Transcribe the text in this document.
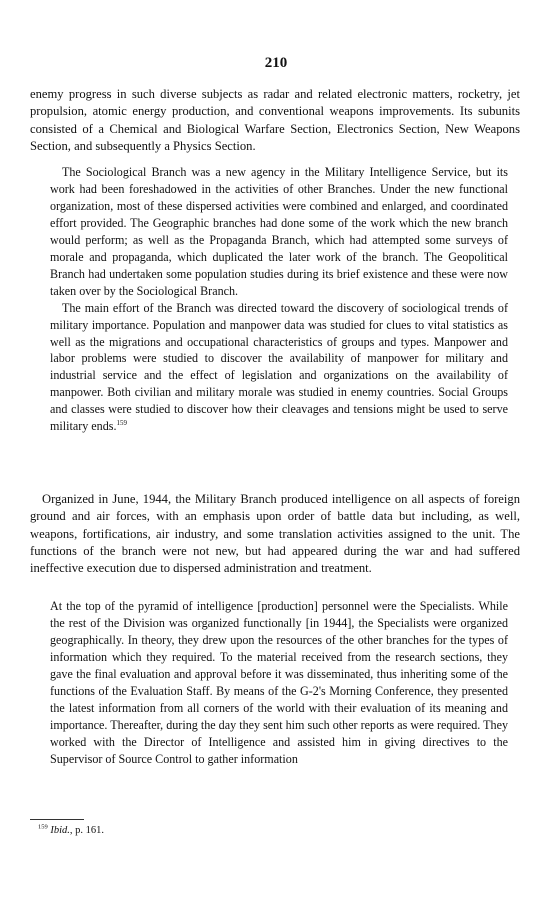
210

enemy progress in such diverse subjects as radar and related electronic matters, rocketry, jet propulsion, atomic energy production, and conventional weapons improvements. Its subunits consisted of a Chemical and Biological Warfare Section, Electronics Section, New Weapons Section, and subsequently a Physics Section.

The Sociological Branch was a new agency in the Military Intelligence Service, but its work had been foreshadowed in the activities of other Branches. Under the new functional organization, most of these dispersed activities were combined and enlarged, and coordinated effort provided. The Geographic branches had done some of the work which the new branch would perform; as well as the Propaganda Branch, which had attempted some surveys of morale and propaganda, which duplicated the later work of the branch. The Geopolitical Branch had undertaken some population studies during its brief existence and these were now taken over by the Sociological Branch.

The main effort of the Branch was directed toward the discovery of sociological trends of military importance. Population and manpower data was studied for clues to vital statistics as well as the migrations and occupational characteristics of groups and types. Manpower and labor problems were studied to discover the availability of manpower for military and industrial service and the effect of legislation and organizations on the availability of manpower. Both civilian and military morale was studied in enemy countries. Social Groups and classes were studied to discover how their cleavages and tensions might be used to serve military ends.$^{159}$

Organized in June, 1944, the Military Branch produced intelligence on all aspects of foreign ground and air forces, with an emphasis upon order of battle data but including, as well, weapons, fortifications, air industry, and some translation activities assigned to the unit. The functions of the branch were not new, but had appeared during the war and had suffered ineffective execution due to dispersed administration and treatment.

At the top of the pyramid of intelligence [production] personnel were the Specialists. While the rest of the Division was organized functionally [in 1944], the Specialists were organized geographically. In theory, they drew upon the resources of the other branches for the types of information which they required. To the material received from the research sections, they gave the final evaluation and approval before it was disseminated, thus inheriting some of the functions of the Evaluation Staff. By means of the G-2's Morning Conference, they presented the latest information from all corners of the world with their evaluation of its meaning and importance. Thereafter, during the day they sent him such other reports as were required. They worked with the Director of Intelligence and assisted him in giving directives to the Supervisor of Source Control to gather information

$^{159}$ Ibid., p. 161.
